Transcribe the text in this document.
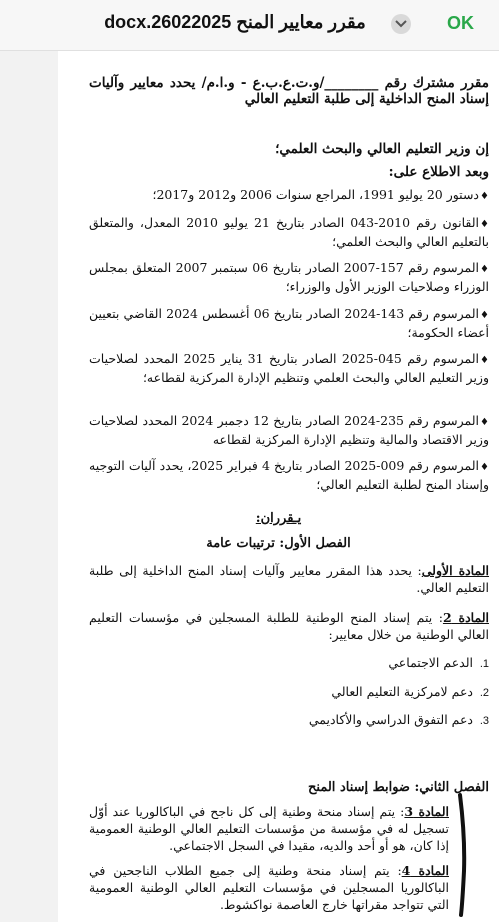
OK
مقرر معايير المنح docx.26022025
مقرر مشترك رقم ________/و.ت.ع.ب.ع - و.ا.م/ يحدد معايير وآليات إسناد المنح الداخلية إلى طلبة التعليم العالي
إن وزير التعليم العالي والبحث العلمي؛
وبعد الاطلاع على:
♦دستور 20 يوليو 1991، المراجع سنوات 2006 و2012 و2017؛
♦القانون رقم 2010-043 الصادر بتاريخ 21 يوليو 2010 المعدل، والمتعلق بالتعليم العالي والبحث العلمي؛
♦المرسوم رقم 157-2007 الصادر بتاريخ 06 سبتمبر 2007 المتعلق بمجلس الوزراء وصلاحيات الوزير الأول والوزراء؛
♦المرسوم رقم 143-2024 الصادر بتاريخ 06 أغسطس 2024 القاضي بتعيين أعضاء الحكومة؛
♦المرسوم رقم 045-2025 الصادر بتاريخ 31 يناير 2025 المحدد لصلاحيات وزير التعليم العالي والبحث العلمي وتنظيم الإدارة المركزية لقطاعه؛
♦المرسوم رقم 235-2024 الصادر بتاريخ 12 دجمبر 2024 المحدد لصلاحيات وزير الاقتصاد والمالية وتنظيم الإدارة المركزية لقطاعه
♦المرسوم رقم 009-2025 الصادر بتاريخ 4 فبراير 2025، يحدد آليات التوجيه وإسناد المنح لطلبة التعليم العالي؛
يـقرران:
الفصل الأول: ترتيبات عامة
المادة الأولى: يحدد هذا المقرر معايير وآليات إسناد المنح الداخلية إلى طلبة التعليم العالي.
المادة 2: يتم إسناد المنح الوطنية للطلبة المسجلين في مؤسسات التعليم العالي الوطنية من خلال معايير:
1.الدعم الاجتماعي
2.دعم لامركزية التعليم العالي
3.دعم التفوق الدراسي والأكاديمي
الفصل الثاني: ضوابط إسناد المنح
المادة 3: يتم إسناد منحة وطنية إلى كل ناجح في الباكالوريا عند أوّل تسجيل له في مؤسسة من مؤسسات التعليم العالي الوطنية العمومية إذا كان، هو أو أحد والديه، مقيدا في السجل الاجتماعي.
المادة 4: يتم إسناد منحة وطنية إلى جميع الطلاب الناجحين في الباكالوريا المسجلين في مؤسسات التعليم العالي الوطنية العمومية التي تتواجد مقراتها خارج العاصمة نواكشوط.
